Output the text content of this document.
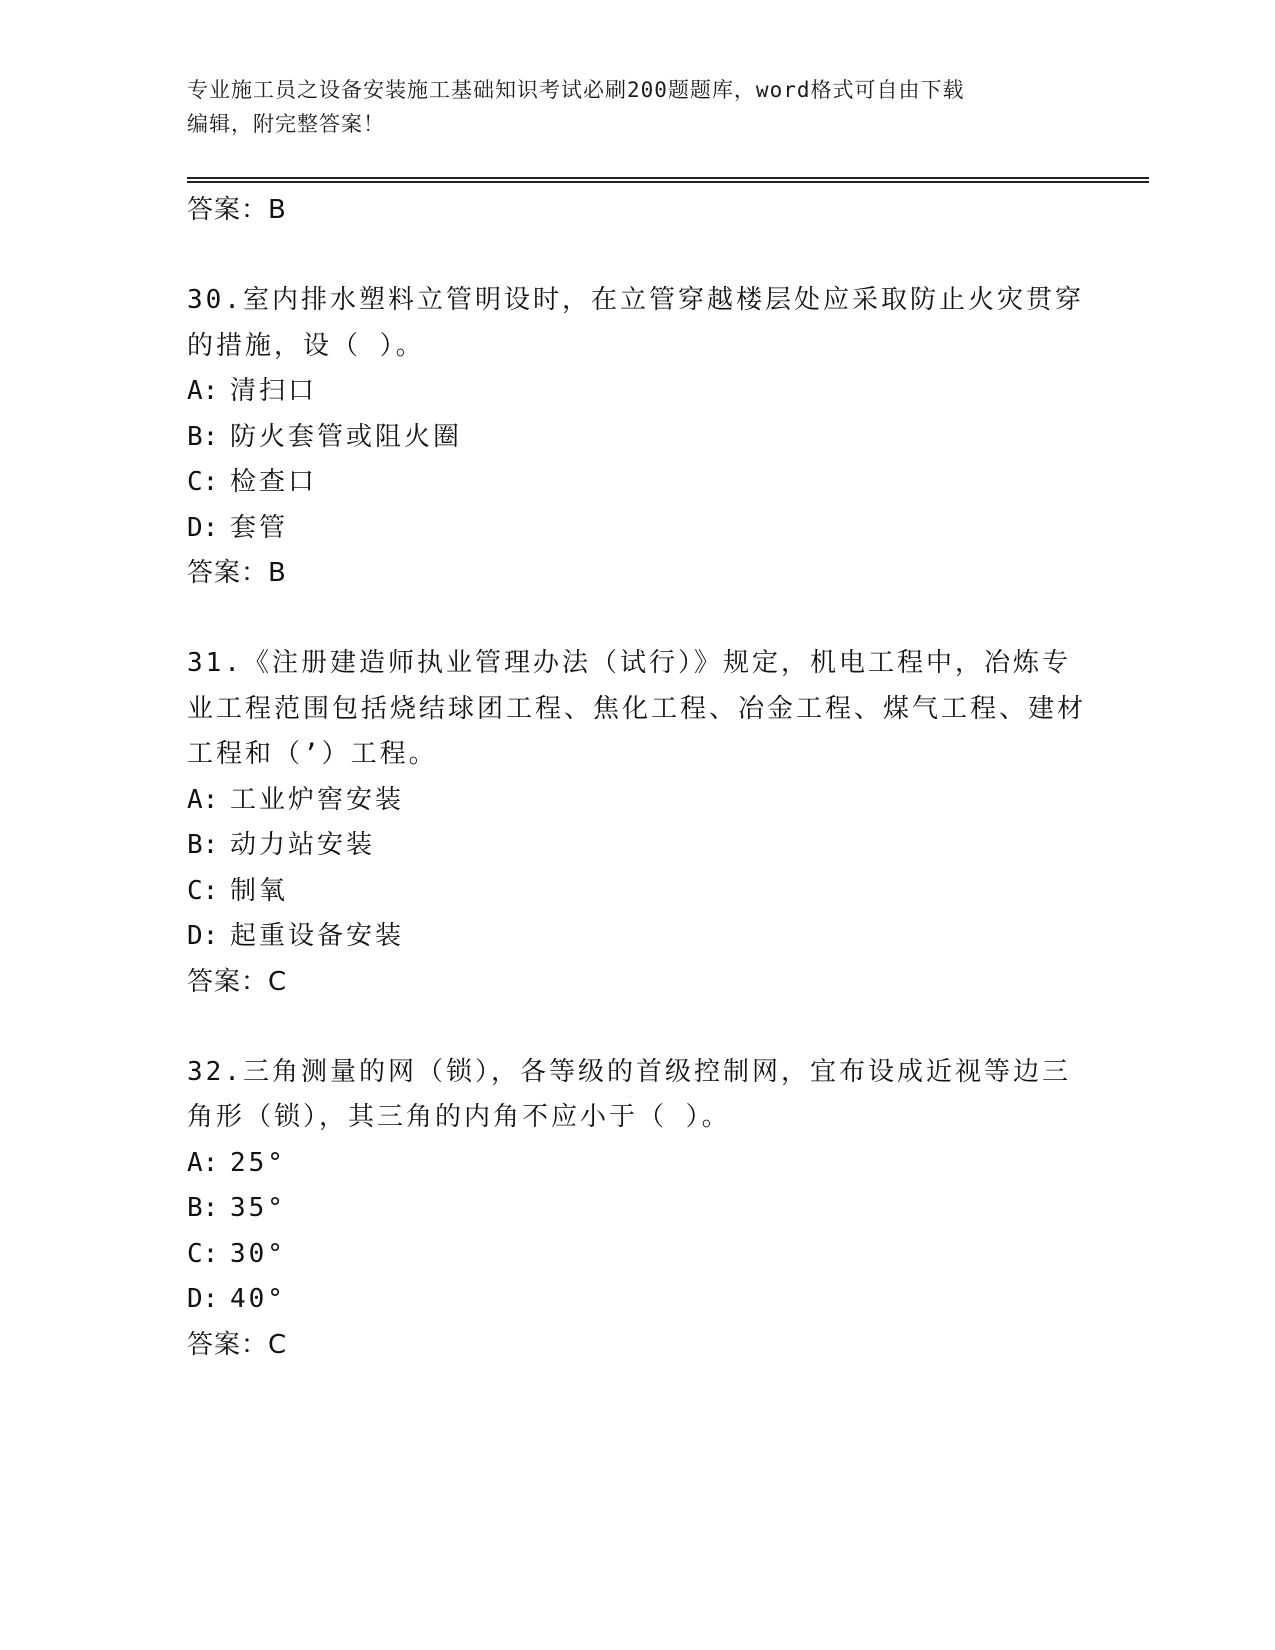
专业施工员之设备安装施工基础知识考试必刷200题题库，word格式可自由下载
编辑，附完整答案！
答案：B
30.室内排水塑料立管明设时，在立管穿越楼层处应采取防止火灾贯穿的措施，设（ ）。
A: 清扫口
B: 防火套管或阻火圈
C: 检查口
D: 套管
答案：B
31.《注册建造师执业管理办法（试行）》规定，机电工程中，冶炼专业工程范围包括烧结球团工程、焦化工程、冶金工程、煤气工程、建材工程和（’）工程。
A: 工业炉窖安装
B: 动力站安装
C: 制氧
D: 起重设备安装
答案：C
32.三角测量的网（锁），各等级的首级控制网，宜布设成近视等边三角形（锁），其三角的内角不应小于（ ）。
A: 25°
B: 35°
C: 30°
D: 40°
答案：C
